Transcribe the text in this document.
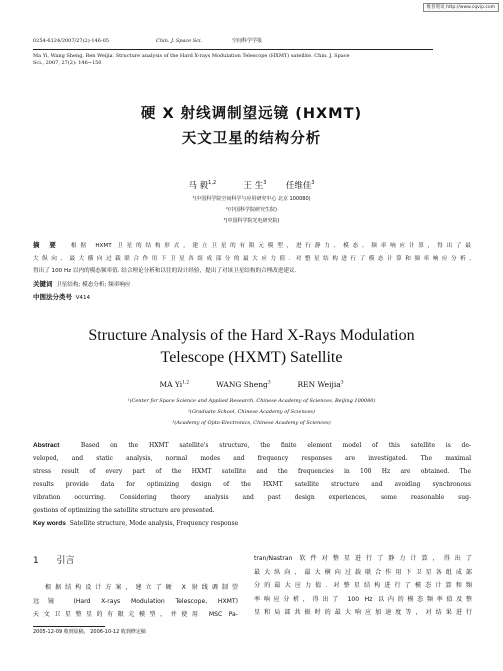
维普资讯 http://www.cqvip.com
0254-6124/2007/27(2)-146-05	Chin. J. Space Sci.	空间科学学报
Ma Yi, Wang Sheng, Ren Weijia. Structure analysis of the Hard X-rays Modulation Telescope (HXMT) satellite. Chin. J. Space
Sci., 2007, 27(2): 146~150
硬 X 射线调制望远镜 (HXMT)
天文卫星的结构分析
马 毅$^{1,2}$	王 生$^3$ 任维佳$^3$
¹(中国科学院空间科学与应用研究中心 北京 100080)
²(中国科学院研究生院)
³(中国科学院光电研究院)
摘 要 根据 HXMT 卫星的结构形式，建立卫星的有限元模型，进行静力、模态、频率响应计算，得出了最
大纵向、最大横向过载联合作用下卫星各组成部分的最大应力值. 对整星结构进行了模态计算和频率响应分析,
得出了 100 Hz 以内的模态频率值. 结合理论分析和以往的设计经验，提出了对该卫星结构的合理改进建议.
关键词 卫星结构; 模态分析; 频率响应
中图法分类号 V414
Structure Analysis of the Hard X-Rays Modulation
Telescope (HXMT) Satellite
MA Yi$^{1,2}$	WANG Sheng$^3$	REN Weijia$^3$
¹(Center for Space Science and Applied Research, Chinese Academy of Sciences, Beijing 100080)
²(Graduate School, Chinese Academy of Sciences)
³(Academy of Opto-Electronics, Chinese Academy of Sciences)
Abstract	Based on the HXMT satellite's structure, the finite element model of this satellite is de-
veloped, and static analysis, normal modes and frequency responses are investigated. The maximal
stress result of every part of the HXMT satellite and the frequencies in 100 Hz are obtained. The
results provide data for optimizing design of the HXMT satellite structure and avoiding synchronous
vibration occurring. Considering theory analysis and past design experiences, some reasonable sug-
gestions of optimizing the satellite structure are presented.
Key words Satellite structure, Mode analysis, Frequency response
1 引言
根据结构设计方案，建立了硬 X 射线调制望
远镜 (Hard X-rays Modulation Telescope, HXMT)
天文卫星整星的有限元模型，并使用 MSC Pa-
tran/Nastran 软件对整星进行了静力计算，得出了
最大纵向、最大横向过载联合作用下卫星各组成部
分的最大应力值. 对整星结构进行了模态计算和频
率响应分析，得出了 100 Hz 以内的模态频率值及整
星和局部共振时的最大响应加速度等，对结果进行
2005-12-09 收到原稿， 2006-10-12 收到修定稿
